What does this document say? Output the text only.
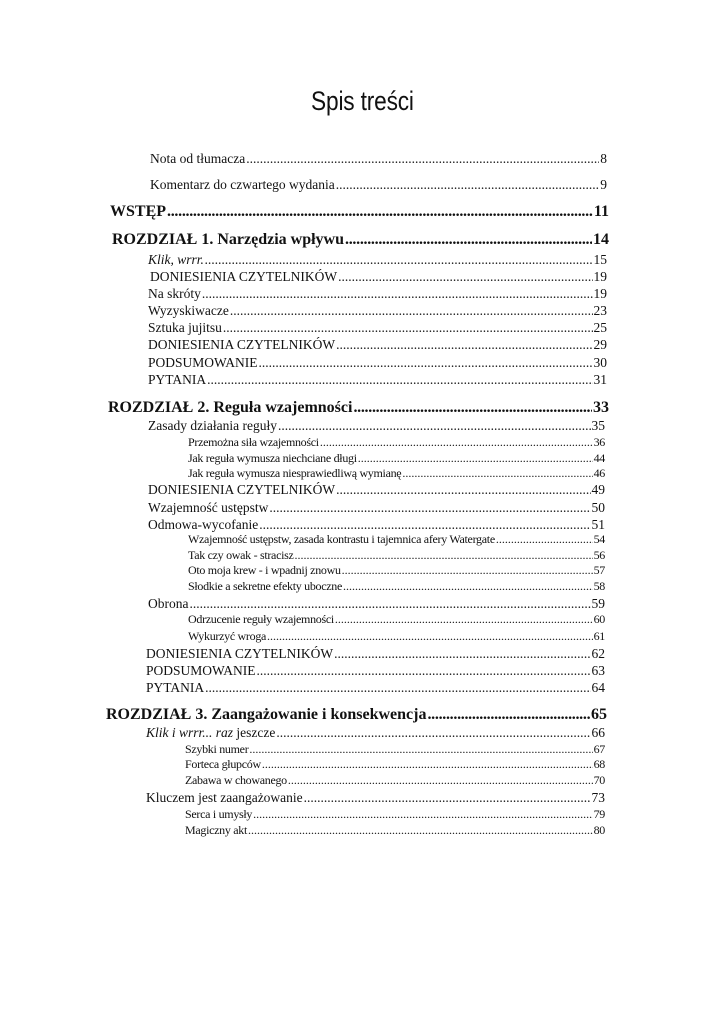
Spis treści
Nota od tłumacza .....	8
Komentarz do czwartego wydania .....	9
WSTĘP .....	11
ROZDZIAŁ 1. Narzędzia wpływu .....	14
Klik, wrrr. .....	15
DONIESIENIA CZYTELNIKÓW .....	19
Na skróty .....	19
Wyzyskiwacze .....	23
Sztuka jujitsu .....	25
DONIESIENIA CZYTELNIKÓW .....	29
PODSUMOWANIE .....	30
PYTANIA .....	31
ROZDZIAŁ 2. Reguła wzajemności .....	33
Zasady działania reguły .....	35
Przemożna siła wzajemności .....	36
Jak reguła wymusza niechciane długi .....	44
Jak reguła wymusza niesprawiedliwą wymianę .....	46
DONIESIENIA CZYTELNIKÓW .....	49
Wzajemność ustępstw .....	50
Odmowa-wycofanie .....	51
Wzajemność ustępstw, zasada kontrastu i tajemnica afery Watergate .....	54
Tak czy owak - stracisz .....	56
Oto moja krew - i wpadnij znowu .....	57
Słodkie a sekretne efekty uboczne .....	58
Obrona .....	59
Odrzucenie reguły wzajemności .....	60
Wykurzyć wroga .....	61
DONIESIENIA CZYTELNIKÓW .....	62
PODSUMOWANIE .....	63
PYTANIA .....	64
ROZDZIAŁ 3. Zaangażowanie i konsekwencja .....	65
Klik i wrrr... raz jeszcze .....	66
Szybki numer .....	67
Forteca głupców .....	68
Zabawa w chowanego .....	70
Kluczem jest zaangażowanie .....	73
Serca i umysły .....	79
Magiczny akt .....	80
